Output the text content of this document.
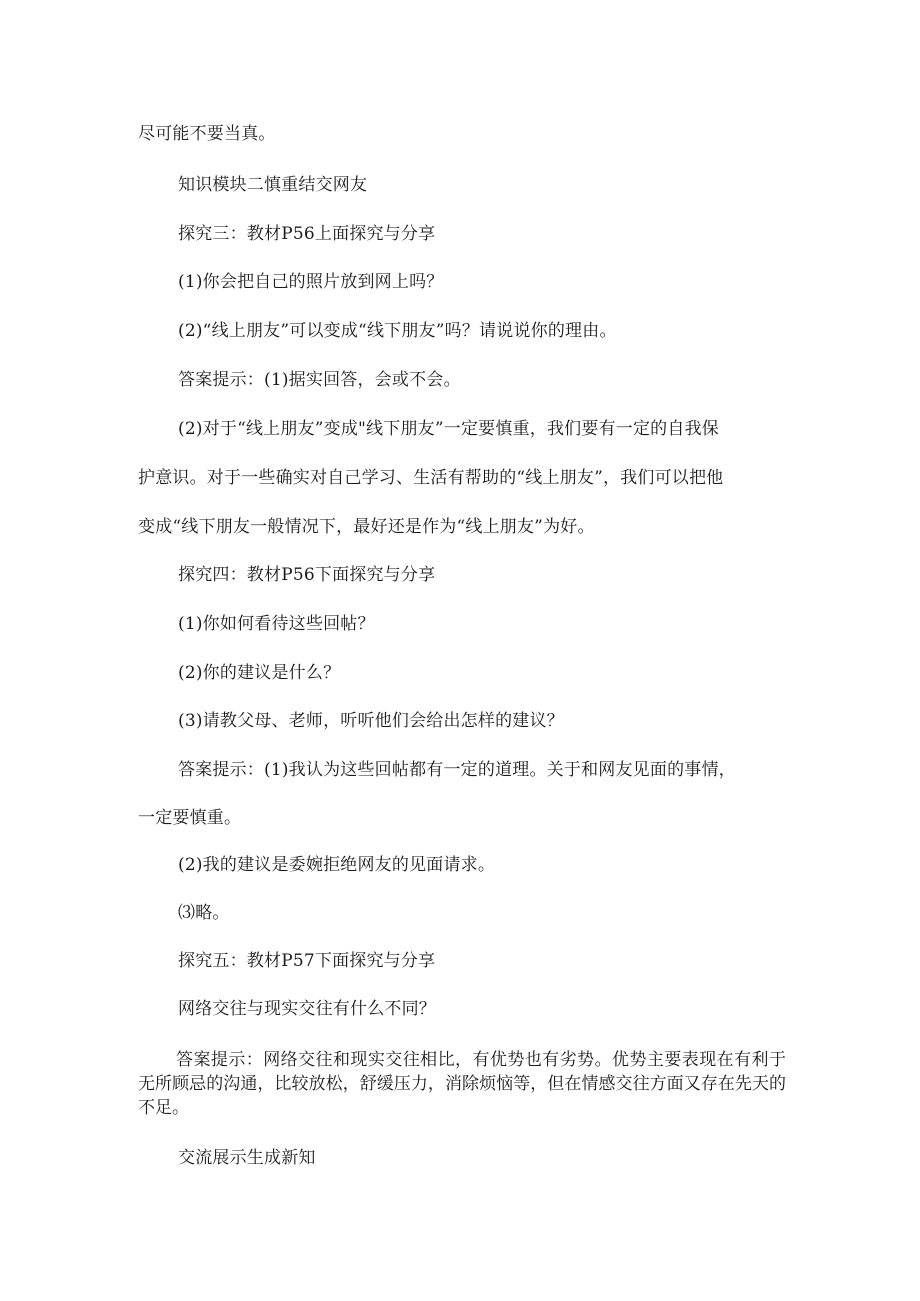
尽可能不要当真。
知识模块二慎重结交网友
探究三：教材P56上面探究与分享
(1)你会把自己的照片放到网上吗？
(2)“线上朋友”可以变成“线下朋友”吗？请说说你的理由。
答案提示：(1)据实回答，会或不会。
(2)对于“线上朋友”变成"线下朋友”一定要慎重，我们要有一定的自我保
护意识。对于一些确实对自己学习、生活有帮助的“线上朋友”，我们可以把他
变成“线下朋友一般情况下，最好还是作为“线上朋友”为好。
探究四：教材P56下面探究与分享
(1)你如何看待这些回帖？
(2)你的建议是什么？
(3)请教父母、老师，听听他们会给出怎样的建议？
答案提示：(1)我认为这些回帖都有一定的道理。关于和网友见面的事情，
一定要慎重。
(2)我的建议是委婉拒绝网友的见面请求。
⑶略。
探究五：教材P57下面探究与分享
网络交往与现实交往有什么不同？
答案提示：网络交往和现实交往相比，有优势也有劣势。优势主要表现在有利于无所顾忌的沟通，比较放松，舒缓压力，消除烦恼等，但在情感交往方面又存在先天的不足。
交流展示生成新知
